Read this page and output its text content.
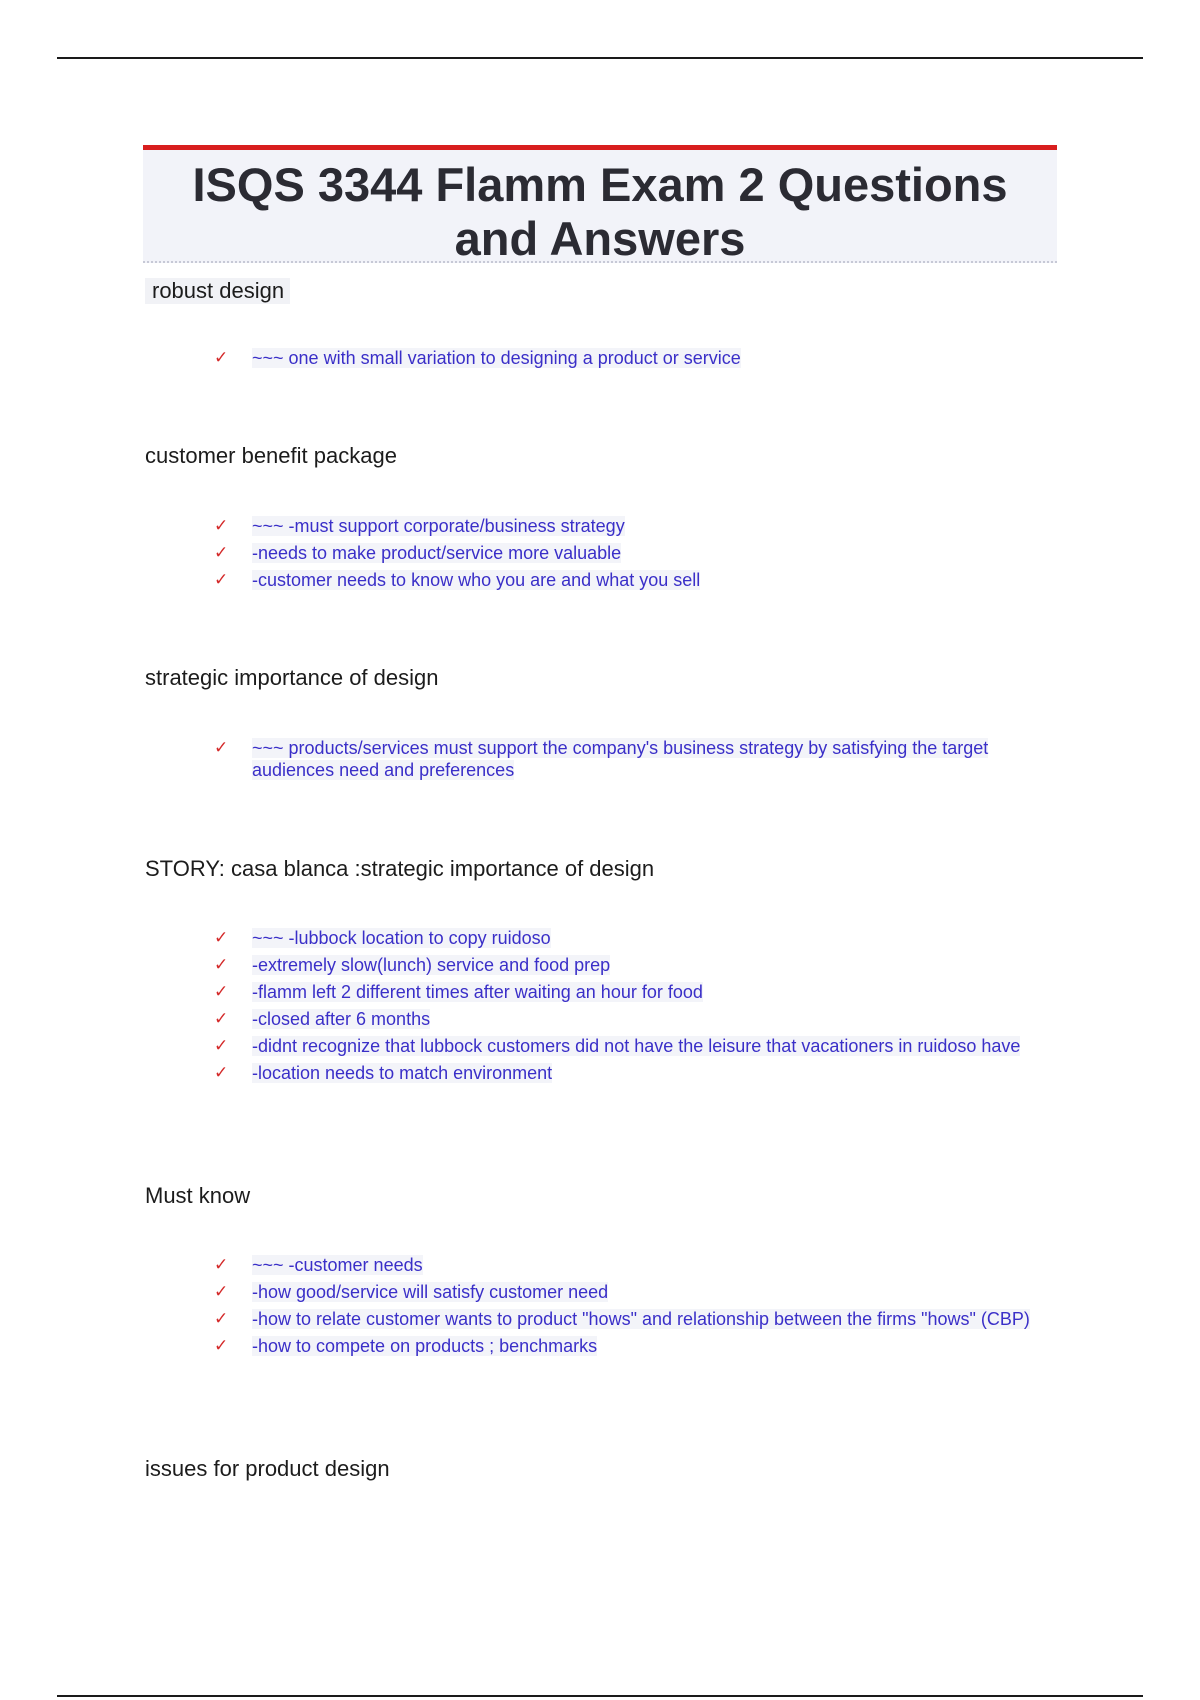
ISQS 3344 Flamm Exam 2 Questions
and Answers
robust design
✓ ~~~ one with small variation to designing a product or service
customer benefit package
✓ ~~~ -must support corporate/business strategy
✓ -needs to make product/service more valuable
✓ -customer needs to know who you are and what you sell
strategic importance of design
✓ ~~~ products/services must support the company's business strategy by satisfying the target audiences need and preferences
STORY: casa blanca :strategic importance of design
✓ ~~~ -lubbock location to copy ruidoso
✓ -extremely slow(lunch) service and food prep
✓ -flamm left 2 different times after waiting an hour for food
✓ -closed after 6 months
✓ -didnt recognize that lubbock customers did not have the leisure that vacationers in ruidoso have
✓ -location needs to match environment
Must know
✓ ~~~ -customer needs
✓ -how good/service will satisfy customer need
✓ -how to relate customer wants to product "hows" and relationship between the firms "hows" (CBP)
✓ -how to compete on products ; benchmarks
issues for product design
